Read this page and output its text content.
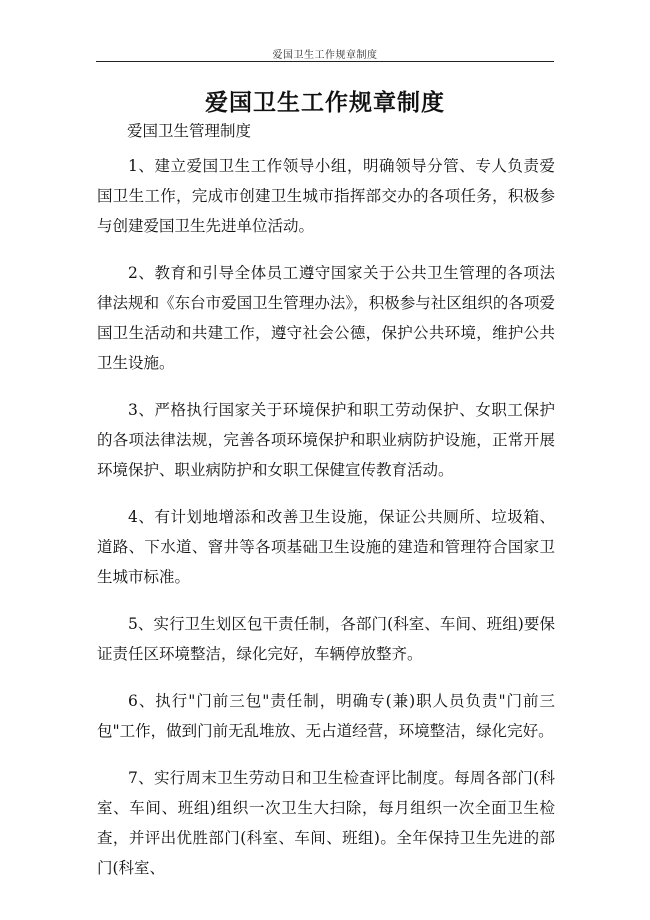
爱国卫生工作规章制度
爱国卫生工作规章制度
爱国卫生管理制度

1、建立爱国卫生工作领导小组，明确领导分管、专人负责爱国卫生工作，完成市创建卫生城市指挥部交办的各项任务，积极参与创建爱国卫生先进单位活动。

2、教育和引导全体员工遵守国家关于公共卫生管理的各项法律法规和《东台市爱国卫生管理办法》，积极参与社区组织的各项爱国卫生活动和共建工作，遵守社会公德，保护公共环境，维护公共卫生设施。

3、严格执行国家关于环境保护和职工劳动保护、女职工保护的各项法律法规，完善各项环境保护和职业病防护设施，正常开展环境保护、职业病防护和女职工保健宣传教育活动。

4、有计划地增添和改善卫生设施，保证公共厕所、垃圾箱、道路、下水道、窨井等各项基础卫生设施的建造和管理符合国家卫生城市标准。

5、实行卫生划区包干责任制，各部门(科室、车间、班组)要保证责任区环境整洁，绿化完好，车辆停放整齐。

6、执行"门前三包"责任制，明确专(兼)职人员负责"门前三包"工作，做到门前无乱堆放、无占道经营，环境整洁，绿化完好。

7、实行周末卫生劳动日和卫生检查评比制度。每周各部门(科室、车间、班组)组织一次卫生大扫除，每月组织一次全面卫生检查，并评出优胜部门(科室、车间、班组)。全年保持卫生先进的部门(科室、
